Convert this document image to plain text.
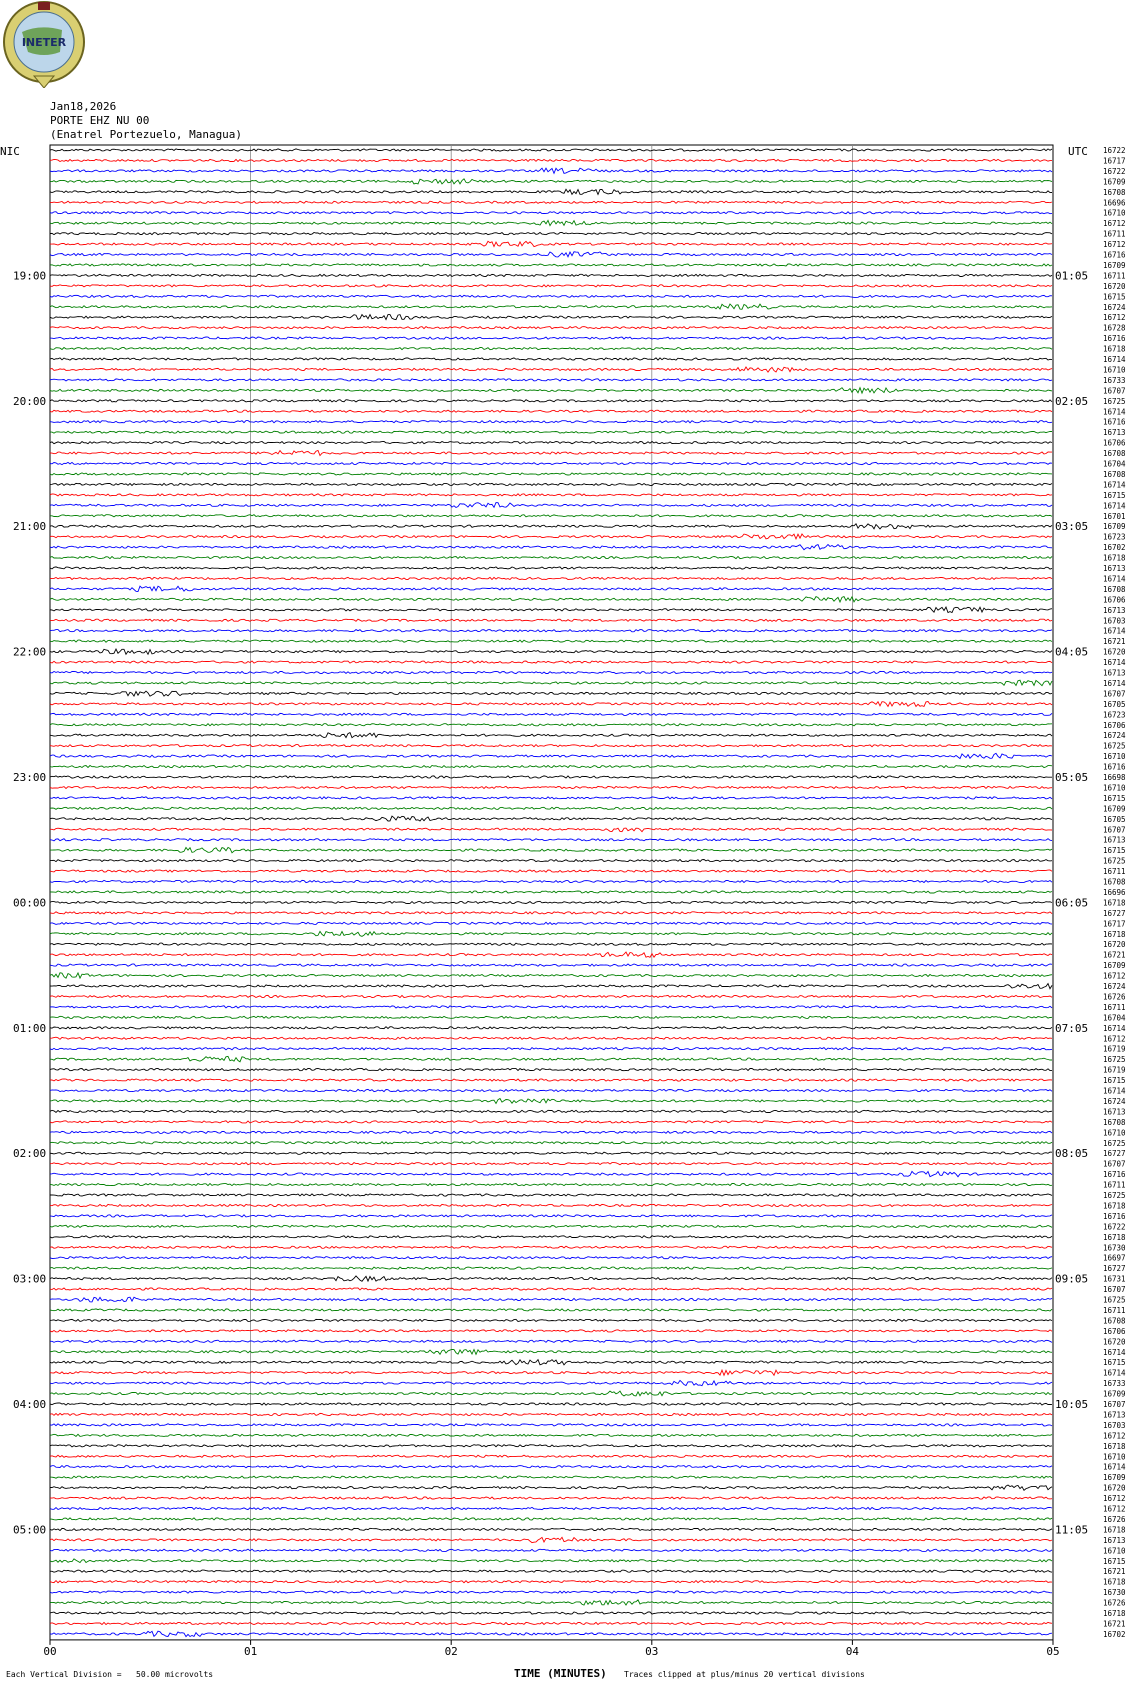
00	01	02	03	04	05
16722
16717
16722
16709
16708
16696
16710
16712
16711
16712
16716
16709
16711
19:00	01:05
16720
16715
16724
16712
16728
16716
16718
16714
16710
16733
16707
16725
20:00	02:05
16714
16716
16713
16706
16708
16704
16708
16714
16715
16714
16701
16709
21:00	03:05
16723
16702
16718
16713
16714
16708
16706
16713
16703
16714
16721
16720
22:00	04:05
16714
16713
16714
16707
16705
16723
16706
16724
16725
16710
16716
16698
23:00	05:05
16710
16715
16709
16705
16707
16713
16715
16725
16711
16708
16696
16718
00:00	06:05
16727
16717
16718
16720
16721
16709
16712
16724
16726
16711
16704
16714
01:00	07:05
16712
16719
16725
16719
16715
16714
16724
16713
16708
16710
16725
16727
02:00	08:05
16707
16716
16711
16725
16718
16716
16722
16718
16730
16697
16727
16731
03:00	09:05
16707
16725
16711
16708
16706
16720
16714
16715
16714
16733
16709
16707
04:00	10:05
16713
16703
16712
16718
16710
16714
16709
16720
16712
16712
16726
16718
05:00	11:05
16713
16710
16715
16721
16718
16730
16726
16718
16721
16702
INETER
Jan18,2026
PORTE EHZ NU 00
(Enatrel Portezuelo, Managua)
NIC	UTC
Each Vertical Division =   50.00 microvolts	TIME (MINUTES) Traces clipped at plus/minus 20 vertical divisions
